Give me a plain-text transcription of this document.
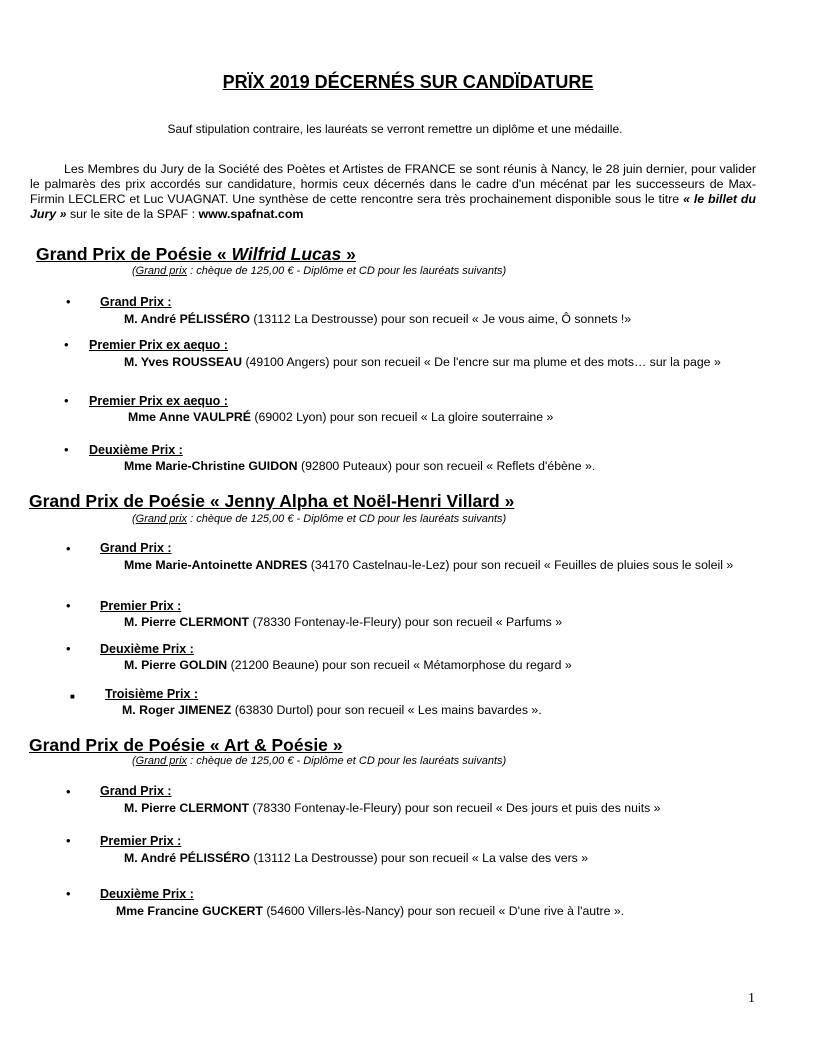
PRÏX 2019 DÉCERNÉS SUR CANDÏDATURE
Sauf stipulation contraire, les lauréats se verront remettre un diplôme et une médaille.

Les Membres du Jury de la Société des Poètes et Artistes de FRANCE se sont réunis à Nancy, le 28 juin dernier, pour valider le palmarès des prix accordés sur candidature, hormis ceux décernés dans le cadre d'un mécénat par les successeurs de Max-Firmin LECLERC et Luc VUAGNAT. Une synthèse de cette rencontre sera très prochainement disponible sous le titre « le billet du Jury » sur le site de la SPAF : www.spafnat.com

Grand Prix de Poésie « Wilfrid Lucas »
(Grand prix : chèque de 125,00 € - Diplôme et CD pour les lauréats suivants)
• Grand Prix :
M. André PÉLISSÉRO (13112 La Destrousse) pour son recueil « Je vous aime, Ô sonnets !»
• Premier Prix ex aequo :
M. Yves ROUSSEAU (49100 Angers) pour son recueil « De l'encre sur ma plume et des mots… sur la page »
• Premier Prix ex aequo :
Mme Anne VAULPRÉ (69002 Lyon) pour son recueil « La gloire souterraine »
• Deuxième Prix :
Mme Marie-Christine GUIDON (92800 Puteaux) pour son recueil « Reflets d'ébène ».
Grand Prix de Poésie « Jenny Alpha et Noël-Henri Villard »
(Grand prix : chèque de 125,00 € - Diplôme et CD pour les lauréats suivants)
• Grand Prix :
Mme Marie-Antoinette ANDRES (34170 Castelnau-le-Lez) pour son recueil « Feuilles de pluies sous le soleil »
• Premier Prix :
M. Pierre CLERMONT (78330 Fontenay-le-Fleury) pour son recueil « Parfums »
• Deuxième Prix :
M. Pierre GOLDIN (21200 Beaune) pour son recueil « Métamorphose du regard »
■ Troisième Prix :
M. Roger JIMENEZ (63830 Durtol) pour son recueil « Les mains bavardes ».
Grand Prix de Poésie « Art & Poésie »
(Grand prix : chèque de 125,00 € - Diplôme et CD pour les lauréats suivants)
• Grand Prix :
M. Pierre CLERMONT (78330 Fontenay-le-Fleury) pour son recueil « Des jours et puis des nuits »
• Premier Prix :
M. André PÉLISSÉRO (13112 La Destrousse) pour son recueil « La valse des vers »
• Deuxième Prix :
Mme Francine GUCKERT (54600 Villers-lès-Nancy) pour son recueil « D'une rive à l'autre ».
1
